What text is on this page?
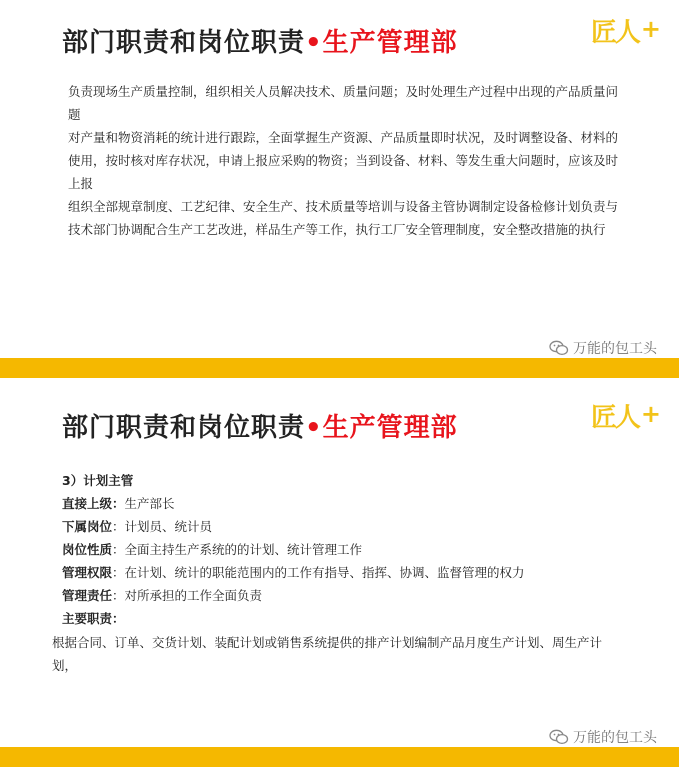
部门职责和岗位职责•生产管理部	匠人+

负责现场生产质量控制，组织相关人员解决技术、质量问题；及时处理生产过程中出现的产品质量问题

对产量和物资消耗的统计进行跟踪，全面掌握生产资源、产品质量即时状况，及时调整设备、材料的使用，按时核对库存状况，申请上报应采购的物资；当到设备、材料、等发生重大问题时，应该及时上报

组织全部规章制度、工艺纪律、安全生产、技术质量等培训与设备主管协调制定设备检修计划负责与技术部门协调配合生产工艺改进，样品生产等工作，执行工厂安全管理制度，安全整改措施的执行

万能的包工头
部门职责和岗位职责•生产管理部	匠人+
3）计划主管
直接上级：生产部长
下属岗位：计划员、统计员
岗位性质：全面主持生产系统的的计划、统计管理工作
管理权限：在计划、统计的职能范围内的工作有指导、指挥、协调、监督管理的权力
管理责任：对所承担的工作全面负责
主要职责：
根据合同、订单、交货计划、装配计划或销售系统提供的排产计划编制产品月度生产计划、周生产计划，
万能的包工头
